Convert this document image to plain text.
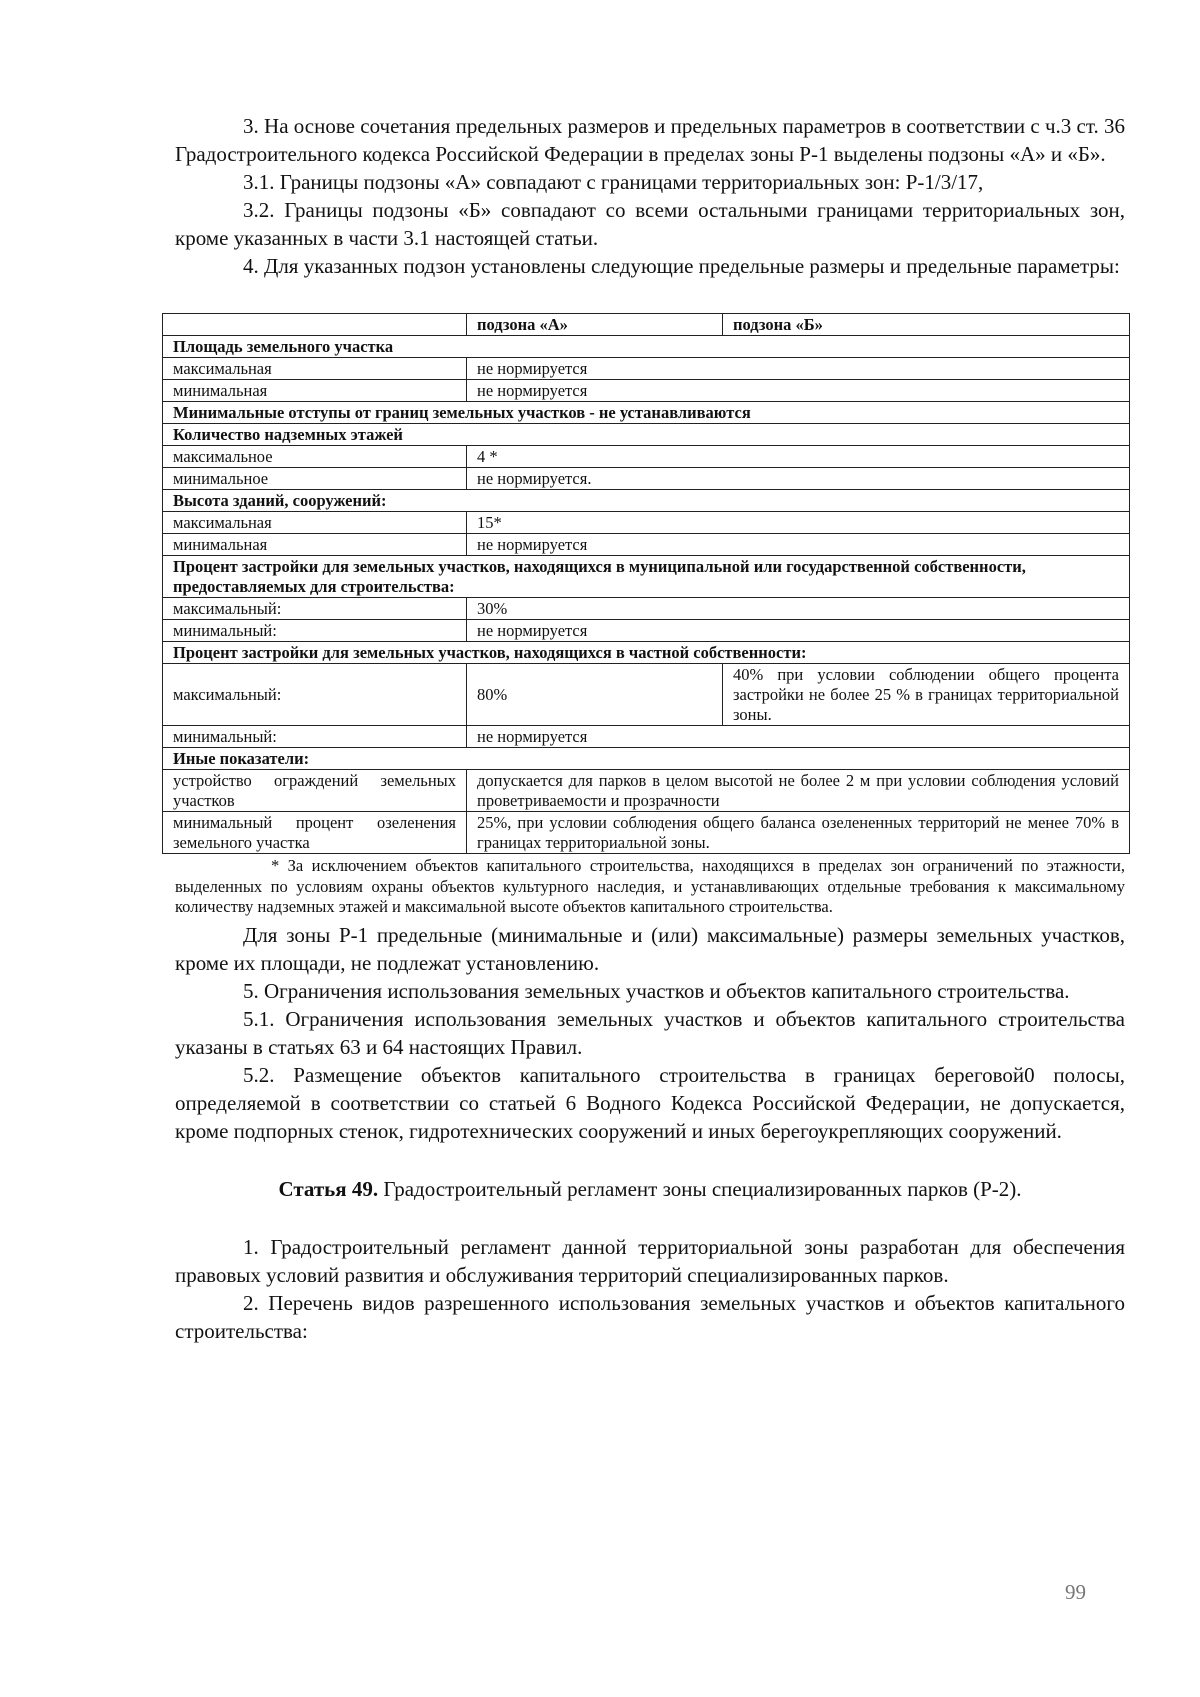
3. На основе сочетания предельных размеров и предельных параметров в соответствии с ч.3 ст. 36 Градостроительного кодекса Российской Федерации в пределах зоны Р-1 выделены подзоны «А» и «Б».

3.1. Границы подзоны «А» совпадают с границами территориальных зон: Р-1/3/17,

3.2. Границы подзоны «Б» совпадают со всеми остальными границами территориальных зон, кроме указанных в части 3.1 настоящей статьи.

4. Для указанных подзон установлены следующие предельные размеры и предельные параметры:

	подзона «А»	подзона «Б»
Площадь земельного участка		
максимальная	не нормируется	
минимальная	не нормируется	
Минимальные отступы от границ земельных участков - не устанавливаются		
Количество надземных этажей		
максимальное	4 *	
минимальное	не нормируется.	
Высота зданий, сооружений:		
максимальная	15*	
минимальная	не нормируется	
Процент застройки для земельных участков, находящихся в муниципальной или государственной собственности, предоставляемых для строительства:		
максимальный:	30%	
минимальный:	не нормируется	
Процент застройки для земельных участков, находящихся в частной собственности:		
максимальный:	80%	40% при условии соблюдении общего процента застройки не более 25 % в границах территориальной зоны.
минимальный:	не нормируется	
Иные показатели:		
устройство ограждений земельных участков	допускается для парков в целом высотой не более 2 м при условии соблюдения условий проветриваемости и прозрачности	
минимальный процент озеленения земельного участка	25%, при условии соблюдения общего баланса озелененных территорий не менее 70% в границах территориальной зоны.	

* За исключением объектов капитального строительства, находящихся в пределах зон ограничений по этажности, выделенных по условиям охраны объектов культурного наследия, и устанавливающих отдельные требования к максимальному количеству надземных этажей и максимальной высоте объектов капитального строительства.

Для зоны Р-1 предельные (минимальные и (или) максимальные) размеры земельных участков, кроме их площади, не подлежат установлению.

5. Ограничения использования земельных участков и объектов капитального строительства.

5.1. Ограничения использования земельных участков и объектов капитального строительства указаны в статьях 63 и 64 настоящих Правил.

5.2. Размещение объектов капитального строительства в границах береговой0 полосы, определяемой в соответствии со статьей 6 Водного Кодекса Российской Федерации, не допускается, кроме подпорных стенок, гидротехнических сооружений и иных берегоукрепляющих сооружений.

Статья 49. Градостроительный регламент зоны специализированных парков (Р-2).

1. Градостроительный регламент данной территориальной зоны разработан для обеспечения правовых условий развития и обслуживания территорий специализированных парков.

2. Перечень видов разрешенного использования земельных участков и объектов капитального строительства:

99
